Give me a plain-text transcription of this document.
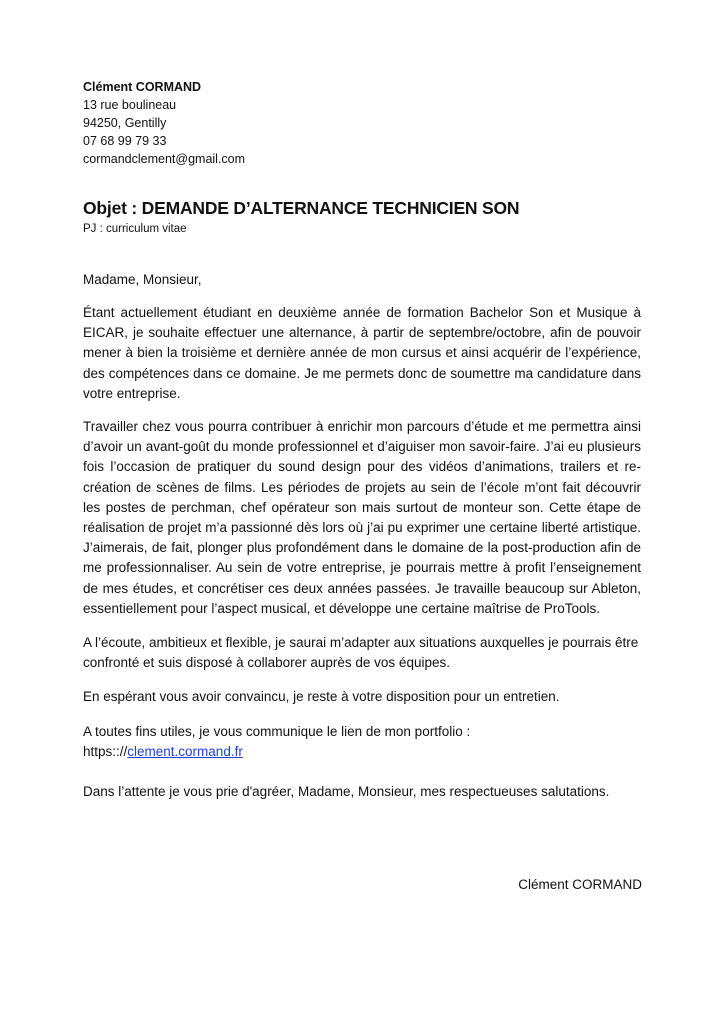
Clément CORMAND
13 rue boulineau
94250, Gentilly
07 68 99 79 33
cormandclement@gmail.com
Objet : DEMANDE D’ALTERNANCE TECHNICIEN SON
PJ : curriculum vitae
Madame, Monsieur,

Étant actuellement étudiant en deuxième année de formation Bachelor Son et Musique à EICAR, je souhaite effectuer une alternance, à partir de septembre/octobre, afin de pouvoir mener à bien la troisième et dernière année de mon cursus et ainsi acquérir de l’expérience, des compétences dans ce domaine. Je me permets donc de soumettre ma candidature dans votre entreprise.

Travailler chez vous pourra contribuer à enrichir mon parcours d’étude et me permettra ainsi d’avoir un avant-goût du monde professionnel et d’aiguiser mon savoir-faire. J’ai eu plusieurs fois l’occasion de pratiquer du sound design pour des vidéos d’animations, trailers et re-création de scènes de films. Les périodes de projets au sein de l’école m’ont fait découvrir les postes de perchman, chef opérateur son mais surtout de monteur son. Cette étape de réalisation de projet m’a passionné dès lors où j’ai pu exprimer une certaine liberté artistique. J’aimerais, de fait, plonger plus profondément dans le domaine de la post-production afin de me professionnaliser. Au sein de votre entreprise, je pourrais mettre à profit l’enseignement de mes études, et concrétiser ces deux années passées. Je travaille beaucoup sur Ableton, essentiellement pour l’aspect musical, et développe une certaine maîtrise de ProTools.

A l’écoute, ambitieux et flexible, je saurai m’adapter aux situations auxquelles je pourrais être confronté et suis disposé à collaborer auprès de vos équipes.

En espérant vous avoir convaincu, je reste à votre disposition pour un entretien.

A toutes fins utiles, je vous communique le lien de mon portfolio :
https:://clement.cormand.fr

Dans l’attente je vous prie d'agréer, Madame, Monsieur, mes respectueuses salutations.

Clément CORMAND
